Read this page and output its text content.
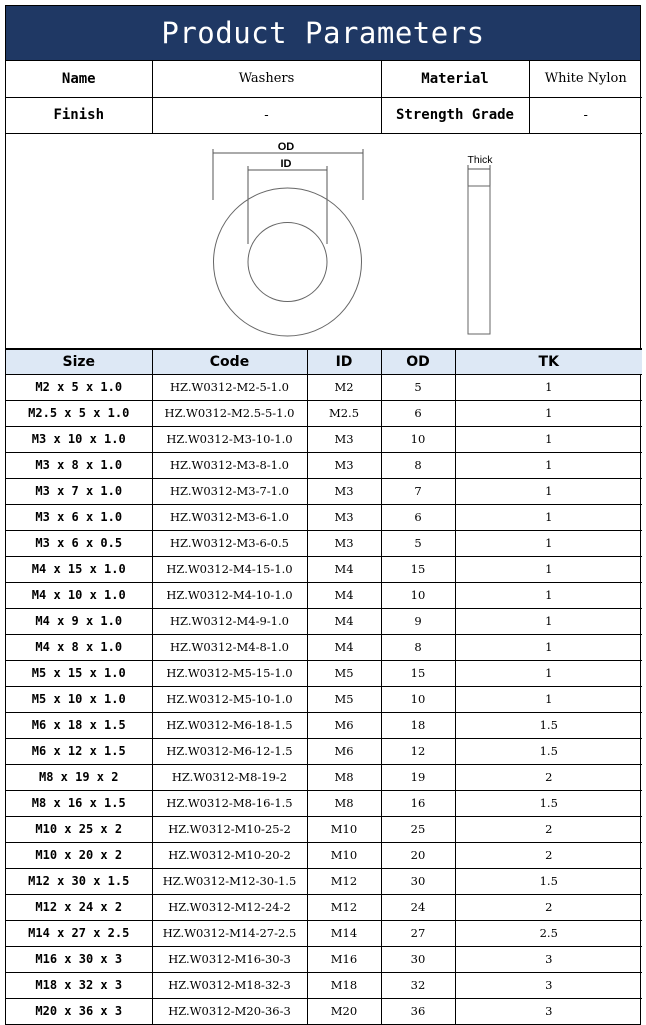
Product Parameters
Name	Washers	Material	White Nylon
Finish	-	Strength Grade	-

OD
ID Thick			
Size	Code	ID	OD	TK
M2 x 5 x 1.0	HZ.W0312-M2-5-1.0	M2	5	1
M2.5 x 5 x 1.0	HZ.W0312-M2.5-5-1.0	M2.5	6	1
M3 x 10 x 1.0	HZ.W0312-M3-10-1.0	M3	10	1
M3 x 8 x 1.0	HZ.W0312-M3-8-1.0	M3	8	1
M3 x 7 x 1.0	HZ.W0312-M3-7-1.0	M3	7	1
M3 x 6 x 1.0	HZ.W0312-M3-6-1.0	M3	6	1
M3 x 6 x 0.5	HZ.W0312-M3-6-0.5	M3	5	1
M4 x 15 x 1.0	HZ.W0312-M4-15-1.0	M4	15	1
M4 x 10 x 1.0	HZ.W0312-M4-10-1.0	M4	10	1
M4 x 9 x 1.0	HZ.W0312-M4-9-1.0	M4	9	1
M4 x 8 x 1.0	HZ.W0312-M4-8-1.0	M4	8	1
M5 x 15 x 1.0	HZ.W0312-M5-15-1.0	M5	15	1
M5 x 10 x 1.0	HZ.W0312-M5-10-1.0	M5	10	1
M6 x 18 x 1.5	HZ.W0312-M6-18-1.5	M6	18	1.5
M6 x 12 x 1.5	HZ.W0312-M6-12-1.5	M6	12	1.5
M8 x 19 x 2	HZ.W0312-M8-19-2	M8	19	2
M8 x 16 x 1.5	HZ.W0312-M8-16-1.5	M8	16	1.5
M10 x 25 x 2	HZ.W0312-M10-25-2	M10	25	2
M10 x 20 x 2	HZ.W0312-M10-20-2	M10	20	2
M12 x 30 x 1.5	HZ.W0312-M12-30-1.5	M12	30	1.5
M12 x 24 x 2	HZ.W0312-M12-24-2	M12	24	2
M14 x 27 x 2.5	HZ.W0312-M14-27-2.5	M14	27	2.5
M16 x 30 x 3	HZ.W0312-M16-30-3	M16	30	3
M18 x 32 x 3	HZ.W0312-M18-32-3	M18	32	3
M20 x 36 x 3	HZ.W0312-M20-36-3	M20	36	3
